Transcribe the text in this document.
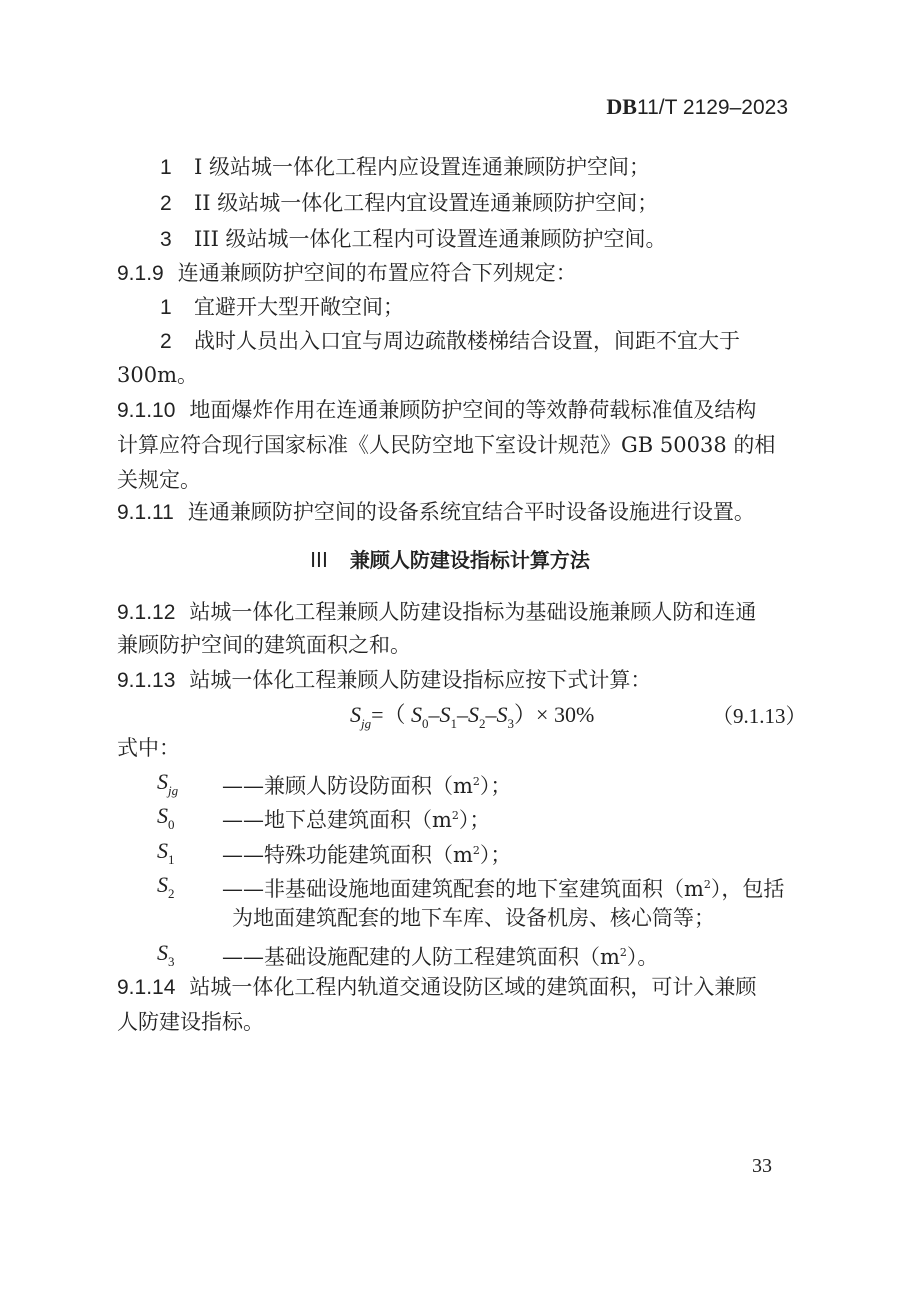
DB11/T 2129–2023
1 I 级站城一体化工程内应设置连通兼顾防护空间；
2 II 级站城一体化工程内宜设置连通兼顾防护空间；
3 III 级站城一体化工程内可设置连通兼顾防护空间。
9.1.9 连通兼顾防护空间的布置应符合下列规定：
1 宜避开大型开敞空间；
2 战时人员出入口宜与周边疏散楼梯结合设置，间距不宜大于
300m。
9.1.10 地面爆炸作用在连通兼顾防护空间的等效静荷载标准值及结构
计算应符合现行国家标准《人民防空地下室设计规范》GB 50038 的相
关规定。
9.1.11 连通兼顾防护空间的设备系统宜结合平时设备设施进行设置。
III 兼顾人防建设指标计算方法
9.1.12 站城一体化工程兼顾人防建设指标为基础设施兼顾人防和连通
兼顾防护空间的建筑面积之和。
9.1.13 站城一体化工程兼顾人防建设指标应按下式计算：
$S_{jg}=$（ $S_0-S_1-S_2-S_3)\times 30\%$	（9.1.13）
式中：
$S_{jg}$	——兼顾人防设防面积$(m^2)$；
$S_0$	——地下总建筑面积$(m^2)$；
$S_1$	——特殊功能建筑面积$(m^2)$；
$S_2$	——非基础设施地面建筑配套的地下室建筑面积$(m^2)$，包括
为地面建筑配套的地下车库、设备机房、核心筒等；
$S_3$	——基础设施配建的人防工程建筑面积$(m^2)$。
9.1.14 站城一体化工程内轨道交通设防区域的建筑面积，可计入兼顾
人防建设指标。
33
